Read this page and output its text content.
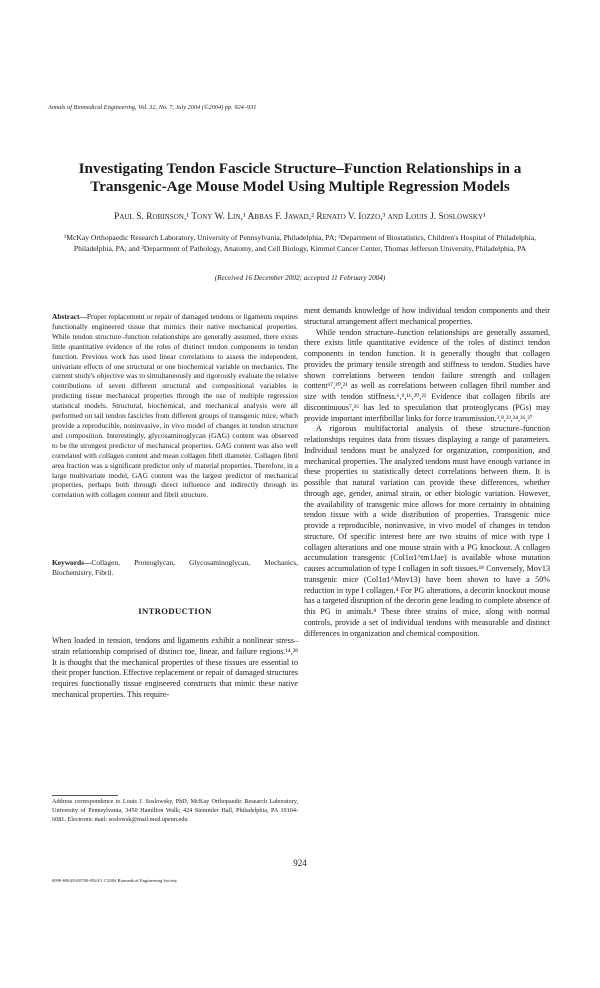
Annals of Biomedical Engineering, Vol. 32, No. 7, July 2004 (©2004) pp. 924–931
Investigating Tendon Fascicle Structure–Function Relationships in a Transgenic-Age Mouse Model Using Multiple Regression Models
Paul S. Robinson,¹ Tony W. Lin,¹ Abbas F. Jawad,² Renato V. Iozzo,³ and Louis J. Soslowsky¹
¹McKay Orthopaedic Research Laboratory, University of Pennsylvania, Philadelphia, PA; ²Department of Biostatistics, Children's Hospital of Philadelphia, Philadelphia, PA; and ³Department of Pathology, Anatomy, and Cell Biology, Kimmel Cancer Center, Thomas Jefferson University, Philadelphia, PA
(Received 16 December 2002; accepted 11 February 2004)

Abstract—Proper replacement or repair of damaged tendons or ligaments requires functionally engineered tissue that mimics their native mechanical properties. While tendon structure–function relationships are generally assumed, there exists little quantitative evidence of the roles of distinct tendon components in tendon function. Previous work has used linear correlations to assess the independent, univariate effects of one structural or one biochemical variable on mechanics. The current study's objective was to simultaneously and rigorously evaluate the relative contributions of seven different structural and compositional variables in predicting tissue mechanical properties through the use of multiple regression statistical models. Structural, biochemical, and mechanical analysis were all performed on tail tendon fascicles from different groups of transgenic mice, which provide a reproducible, noninvasive, in vivo model of changes in tendon structure and composition. Interestingly, glycosaminoglycan (GAG) content was observed to be the strongest predictor of mechanical properties. GAG content was also well correlated with collagen content and mean collagen fibril diameter. Collagen fibril area fraction was a significant predictor only of material properties. Therefore, in a large multivariate model, GAG content was the largest predictor of mechanical properties, perhaps both through direct influence and indirectly through its correlation with collagen content and fibril structure.

Keywords—Collagen, Proteoglycan, Glycosaminoglycan, Mechanics, Biochemistry, Fibril.
INTRODUCTION

When loaded in tension, tendons and ligaments exhibit a nonlinear stress–strain relationship comprised of distinct toe, linear, and failure regions.¹⁴,²⁸ It is thought that the mechanical properties of these tissues are essential to their proper function. Effective replacement or repair of damaged structures requires functionally tissue engineered constructs that mimic these native mechanical properties. This require-

Address correspondence to Louis J. Soslowsky, PhD, McKay Orthopaedic Research Laboratory, University of Pennsylvania, 3450 Hamilton Walk; 424 Stemmler Hall, Philadelphia, PA 19104-6081. Electronic mail: soslowsk@mail.med.upenn.edu

ment demands knowledge of how individual tendon components and their structural arrangement affect mechanical properties.

While tendon structure–function relationships are generally assumed, there exists little quantitative evidence of the roles of distinct tendon components in tendon function. It is generally thought that collagen provides the primary tensile strength and stiffness to tendon. Studies have shown correlations between tendon failure strength and collagen content¹⁷,²⁰,²¹ as well as correlations between collagen fibril number and size with tendon stiffness.⁶,⁹,¹⁶,²⁰,²² Evidence that collagen fibrils are discontinuous⁷,²⁶ has led to speculation that proteoglycans (PGs) may provide important interfibrillar links for force transmission.³,⁸,²³,²⁴,²⁶,²⁷

A rigorous multifactorial analysis of these structure–function relationships requires data from tissues displaying a range of parameters. Individual tendons must be analyzed for organization, composition, and mechanical properties. The analyzed tendons must have enough variance in these properties to statistically detect correlations between them. It is possible that natural variation can provide these differences, whether through age, gender, animal strain, or other biologic variation. However, the availability of transgenic mice allows for more certainty in obtaining tendon tissue with a wide distribution of properties. Transgenic mice provide a reproducible, noninvasive, in vivo model of changes in tendon structure. Of specific interest here are two strains of mice with type I collagen alterations and one mouse strain with a PG knockout. A collagen accumulation transgenic (Col1α1^tm1Jae) is available whose mutation causes accumulation of type I collagen in soft tissues.¹⁸ Conversely, Mov13 transgenic mice (Col1α1^Mov13) have been shown to have a 50% reduction in type I collagen.⁴ For PG alterations, a decorin knockout mouse has a targeted disruption of the decorin gene leading to complete absence of this PG in animals.⁸ These three strains of mice, along with normal controls, provide a set of individual tendons with measurable and distinct differences in organization and chemical composition.

924
0090-6964/04/0700-0924/1 ©2004 Biomedical Engineering Society
